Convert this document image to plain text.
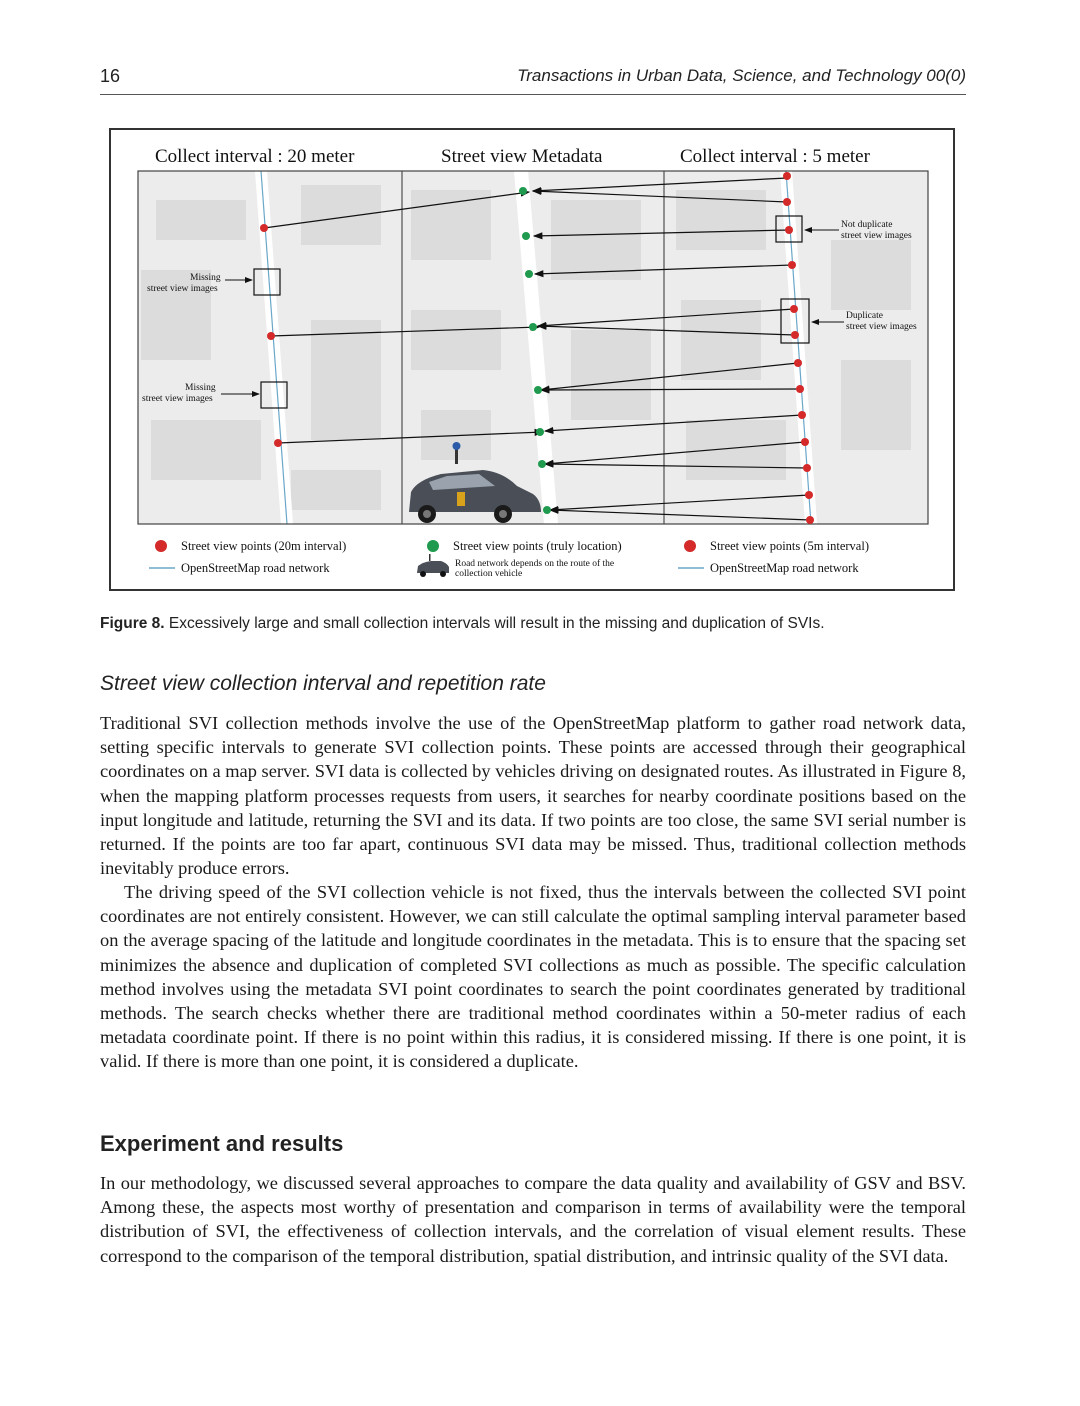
16	Transactions in Urban Data, Science, and Technology 00(0)
Collect interval : 20 meter	Street view Metadata	Collect interval : 5 meter
Missing
street view images
Missing
street view images
Not duplicate
street view images
Duplicate
street view images
Street view points (20m interval)
OpenStreetMap road network
Street view points (truly location)
Road network depends on the route of the
collection vehicle
Street view points (5m interval)
OpenStreetMap road network
Figure 8. Excessively large and small collection intervals will result in the missing and duplication of SVIs.
Street view collection interval and repetition rate

Traditional SVI collection methods involve the use of the OpenStreetMap platform to gather road network data, setting specific intervals to generate SVI collection points. These points are accessed through their geographical coordinates on a map server. SVI data is collected by vehicles driving on designated routes. As illustrated in Figure 8, when the mapping platform processes requests from users, it searches for nearby coordinate positions based on the input longitude and latitude, returning the SVI and its data. If two points are too close, the same SVI serial number is returned. If the points are too far apart, continuous SVI data may be missed. Thus, traditional collection methods inevitably produce errors.

The driving speed of the SVI collection vehicle is not fixed, thus the intervals between the collected SVI point coordinates are not entirely consistent. However, we can still calculate the optimal sampling interval parameter based on the average spacing of the latitude and longitude coordinates in the metadata. This is to ensure that the spacing set minimizes the absence and duplication of completed SVI collections as much as possible. The specific calculation method involves using the metadata SVI point coordinates to search the point coordinates generated by traditional methods. The search checks whether there are traditional method coordinates within a 50-meter radius of each metadata coordinate point. If there is no point within this radius, it is considered missing. If there is one point, it is valid. If there is more than one point, it is considered a duplicate.

Experiment and results

In our methodology, we discussed several approaches to compare the data quality and availability of GSV and BSV. Among these, the aspects most worthy of presentation and comparison in terms of availability were the temporal distribution of SVI, the effectiveness of collection intervals, and the correlation of visual element results. These correspond to the comparison of the temporal distribution, spatial distribution, and intrinsic quality of the SVI data.
